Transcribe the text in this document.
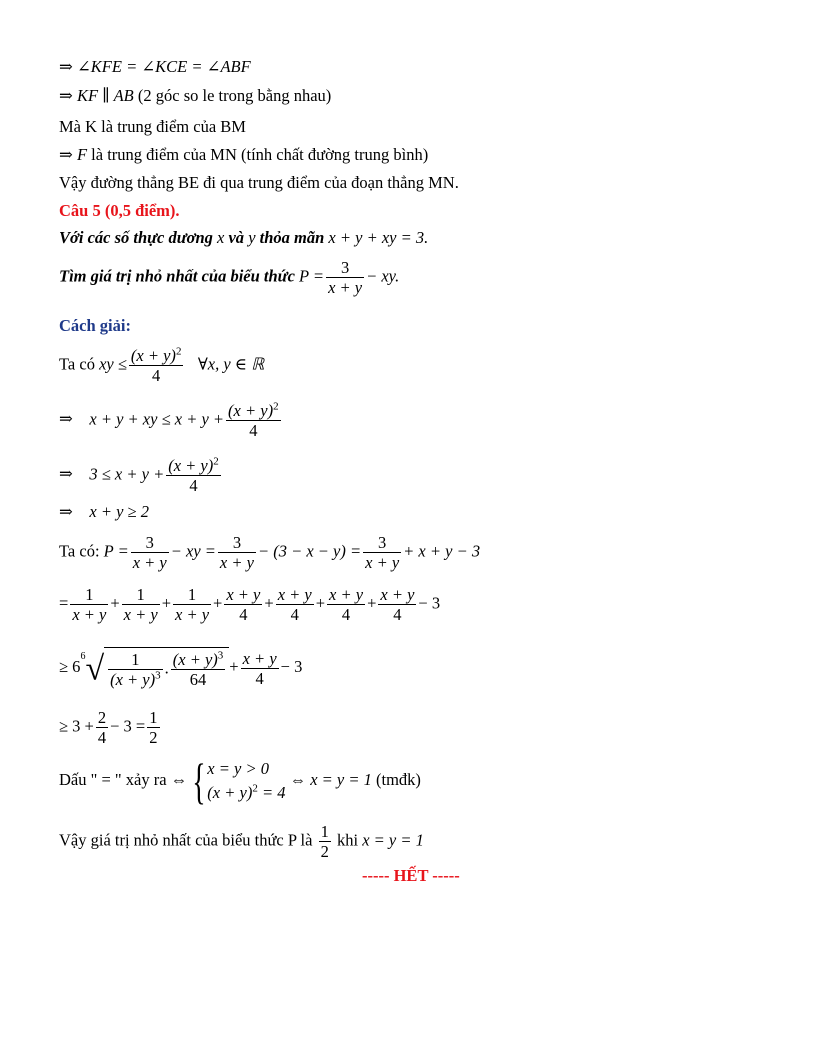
⇒ ∠KFE = ∠KCE = ∠ABF
⇒ KF ∥ AB (2 góc so le trong bằng nhau)
Mà K là trung điểm của BM
⇒ F là trung điểm của MN (tính chất đường trung bình)
Vậy đường thẳng BE đi qua trung điểm của đoạn thẳng MN.
Câu 5 (0,5 điểm).
Với các số thực dương x và y thỏa mãn x + y + xy = 3.
Tìm giá trị nhỏ nhất của biểu thức $P = \frac{3}{x + y}$ − xy.
Cách giải:
Ta có xy ≤ $\frac{(x + y)^2}{4}$ ∀x, y ∈ ℝ
⇒ x + y + xy ≤ $x + y + \frac{(x + y)^2}{4}$
⇒ $3 \le x + y + \frac{(x + y)^2}{4}$
⇒ x + y ≥ 2
Ta có: $P = \frac{3}{x + y}$ − xy = $\frac{3}{x + y} - (3 - x - y) = \frac{3}{x + y} + x + y - 3$
= $\frac{1}{x + y} + \frac{1}{x + y} + \frac{1}{x + y} + \frac{x + y}{4} + \frac{x + y}{4} + \frac{x + y}{4} + \frac{x + y}{4} - 3$
≥ $6^6√ \frac{1}{(x + y)^3}$ . $\frac{(x + y)^3}{64} + \frac{x + y}{4} - 3$
≥ $3 + \frac{2}{4} - 3 = \frac{1}{2}$
Dấu " = " xảy ra ⇔ { x = y > 0
$(x + y)^2 = 4$
⇔ x = y = 1 (tmđk)
Vậy giá trị nhỏ nhất của biểu thức P là $\frac{1}{2}$ khi x = y = 1
----- HẾT -----
